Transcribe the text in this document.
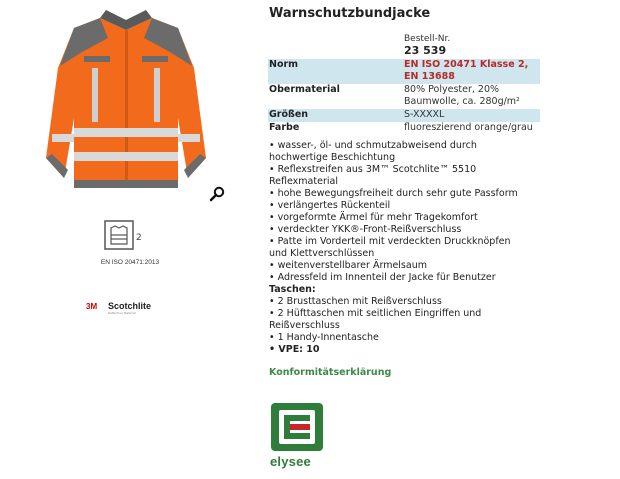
2
EN ISO 20471:2013
3M Scotchlite
Reflective Material
Warnschutzbundjacke
Bestell-Nr.
23 539
Norm	EN ISO 20471 Klasse 2,
EN 13688

Obermaterial	80% Polyester, 20%
Baumwolle, ca. 280g/m²

Größen	S-XXXXL

Farbe	fluoreszierend orange/grau
• wasser-, öl- und schmutzabweisend durch
hochwertige Beschichtung
• Reflexstreifen aus 3M™ Scotchlite™ 5510
Reflexmaterial
• hohe Bewegungsfreiheit durch sehr gute Passform
• verlängertes Rückenteil
• vorgeformte Ärmel für mehr Tragekomfort
• verdeckter YKK®-Front-Reißverschluss
• Patte im Vorderteil mit verdeckten Druckknöpfen
und Klettverschlüssen
• weitenverstellbarer Ärmelsaum
• Adressfeld im Innenteil der Jacke für Benutzer
Taschen:
• 2 Brusttaschen mit Reißverschluss
• 2 Hüfttaschen mit seitlichen Eingriffen und
Reißverschluss
• 1 Handy-Innentasche
• VPE: 10
Konformitätserklärung
elysee
